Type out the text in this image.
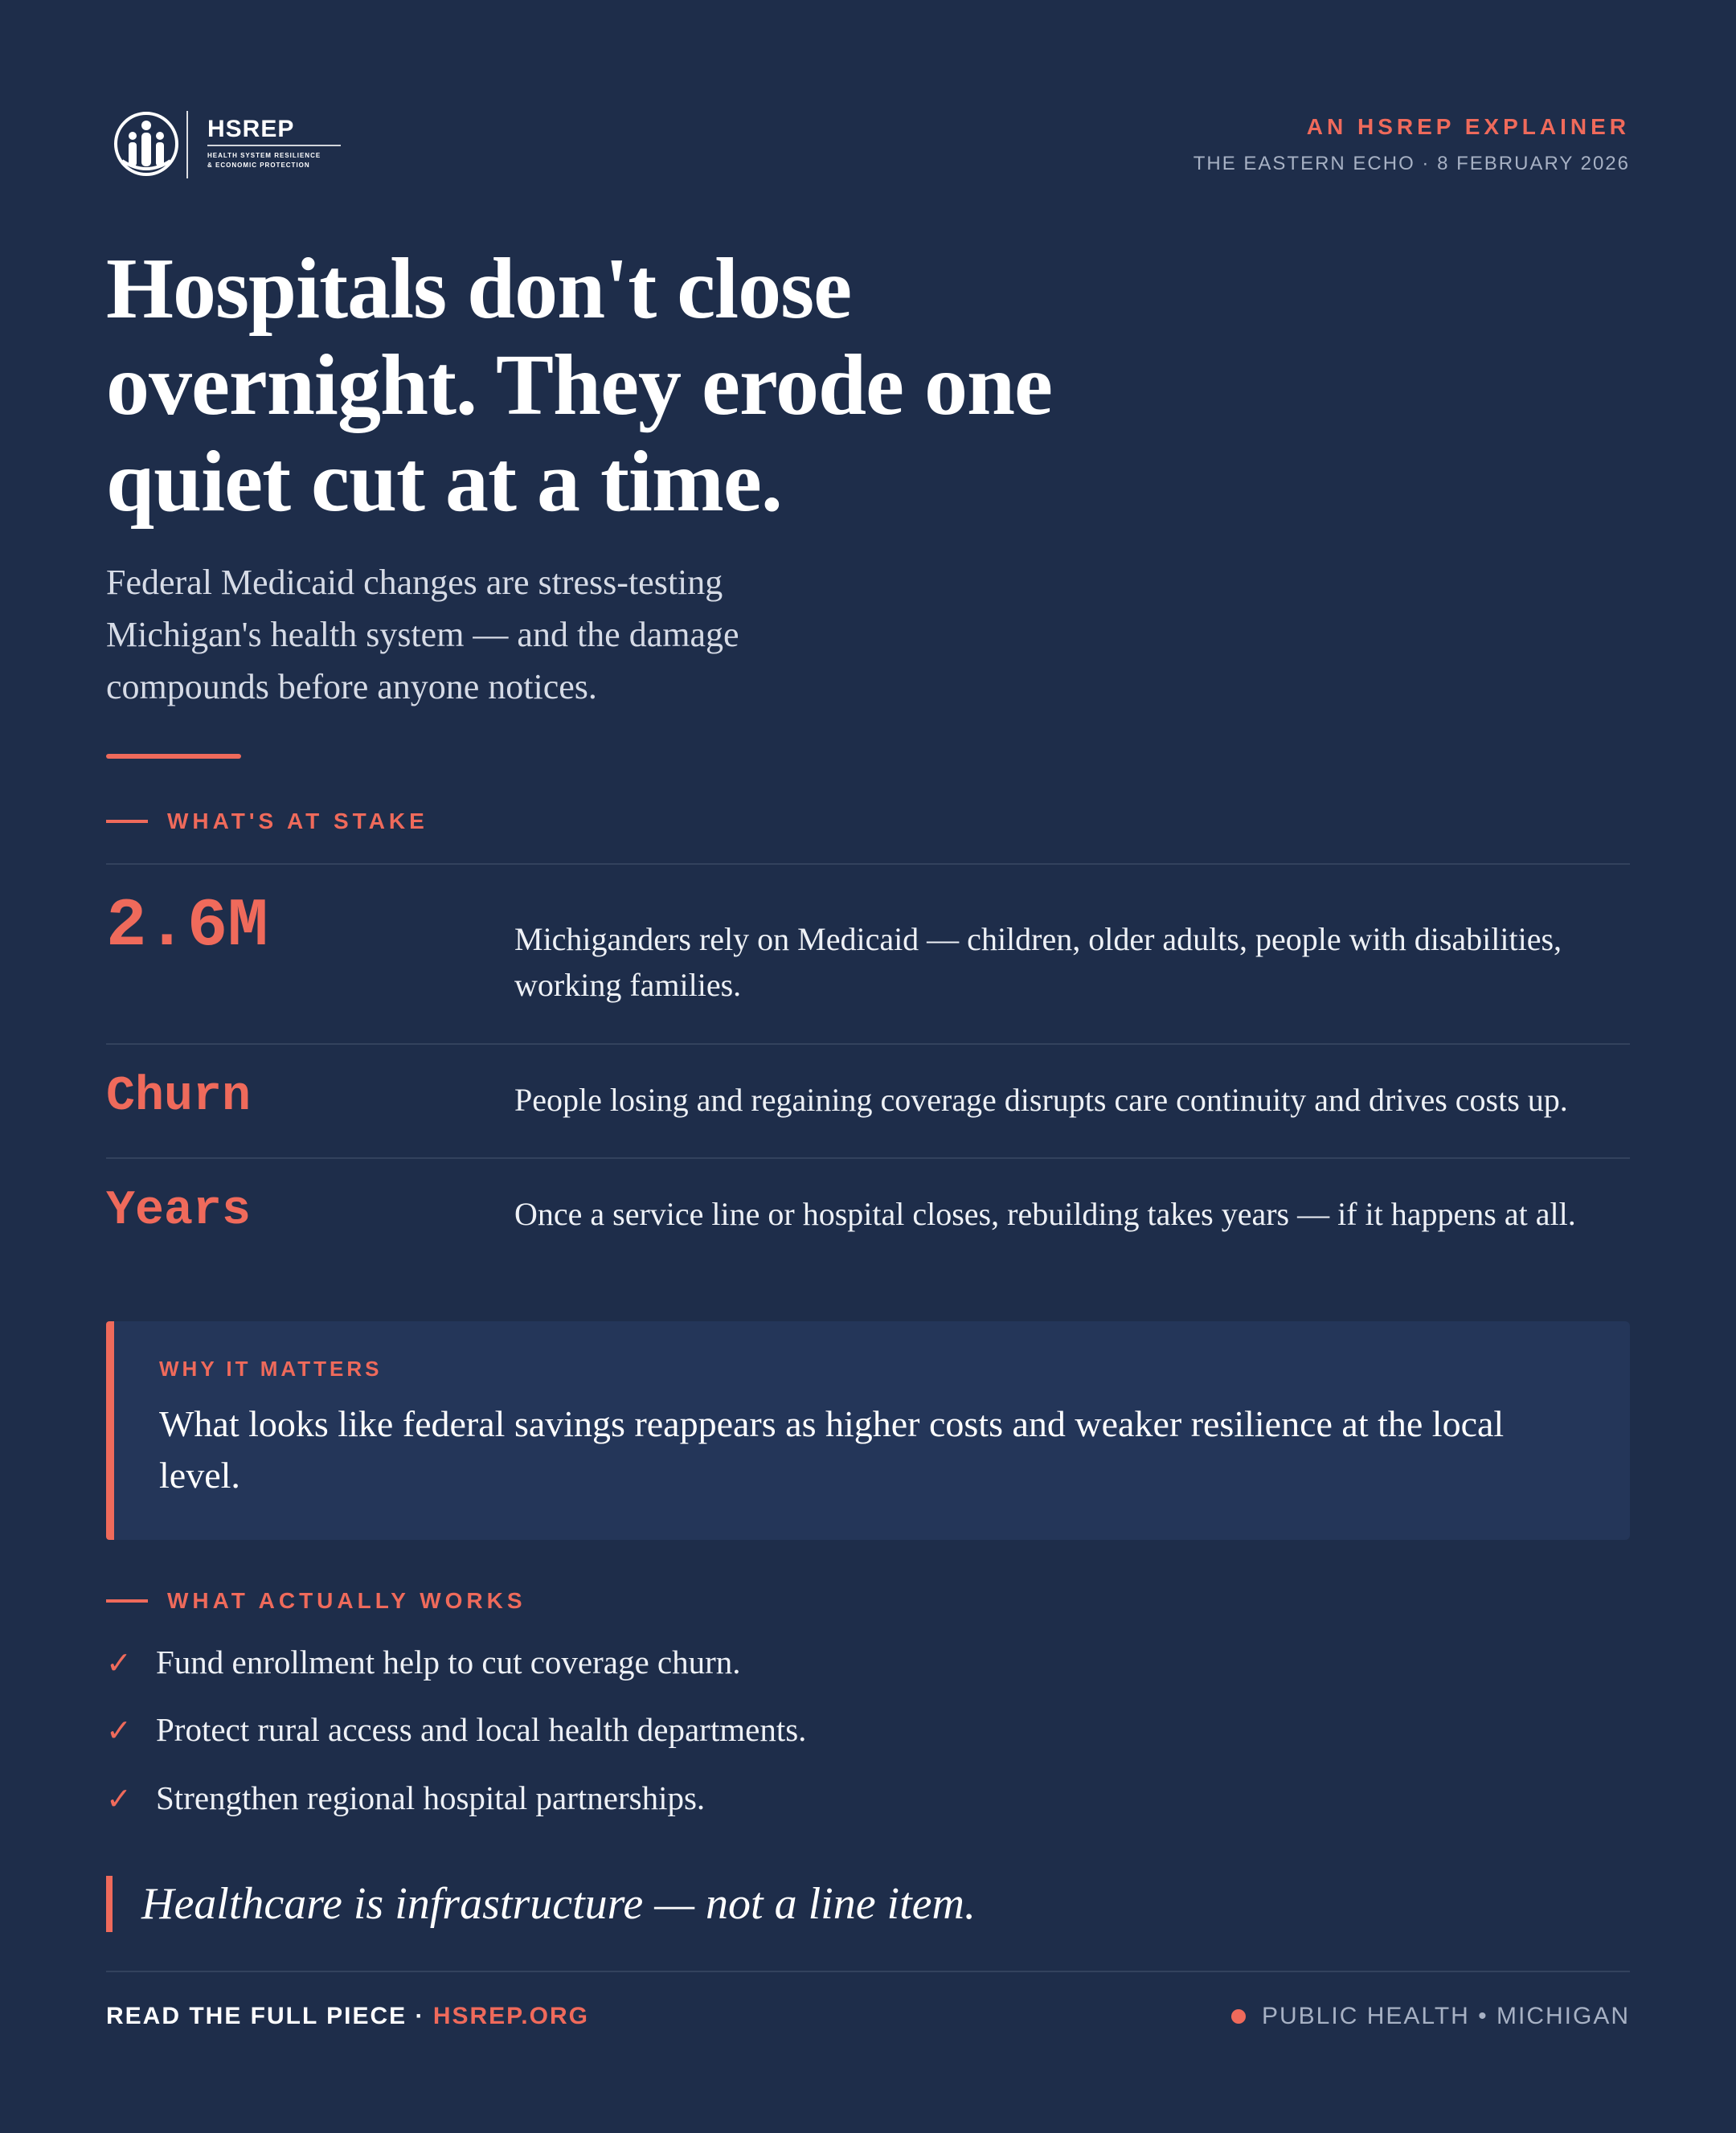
HSREP
HEALTH SYSTEM RESILIENCE
& ECONOMIC PROTECTION
AN HSREP EXPLAINER
THE EASTERN ECHO · 8 FEBRUARY 2026
Hospitals don't close overnight. They erode one quiet cut at a time.

Federal Medicaid changes are stress-testing Michigan's health system — and the damage compounds before anyone notices.

WHAT'S AT STAKE
2.6M	Michiganders rely on Medicaid — children, older adults, people with disabilities, working families.
Churn	People losing and regaining coverage disrupts care continuity and drives costs up.
Years	Once a service line or hospital closes, rebuilding takes years — if it happens at all.
WHY IT MATTERS
What looks like federal savings reappears as higher costs and weaker resilience at the local level.
WHAT ACTUALLY WORKS
✓ Fund enrollment help to cut coverage churn.
✓ Protect rural access and local health departments.
✓ Strengthen regional hospital partnerships.
Healthcare is infrastructure — not a line item.
READ THE FULL PIECE · HSREP.ORG	PUBLIC HEALTH • MICHIGAN
